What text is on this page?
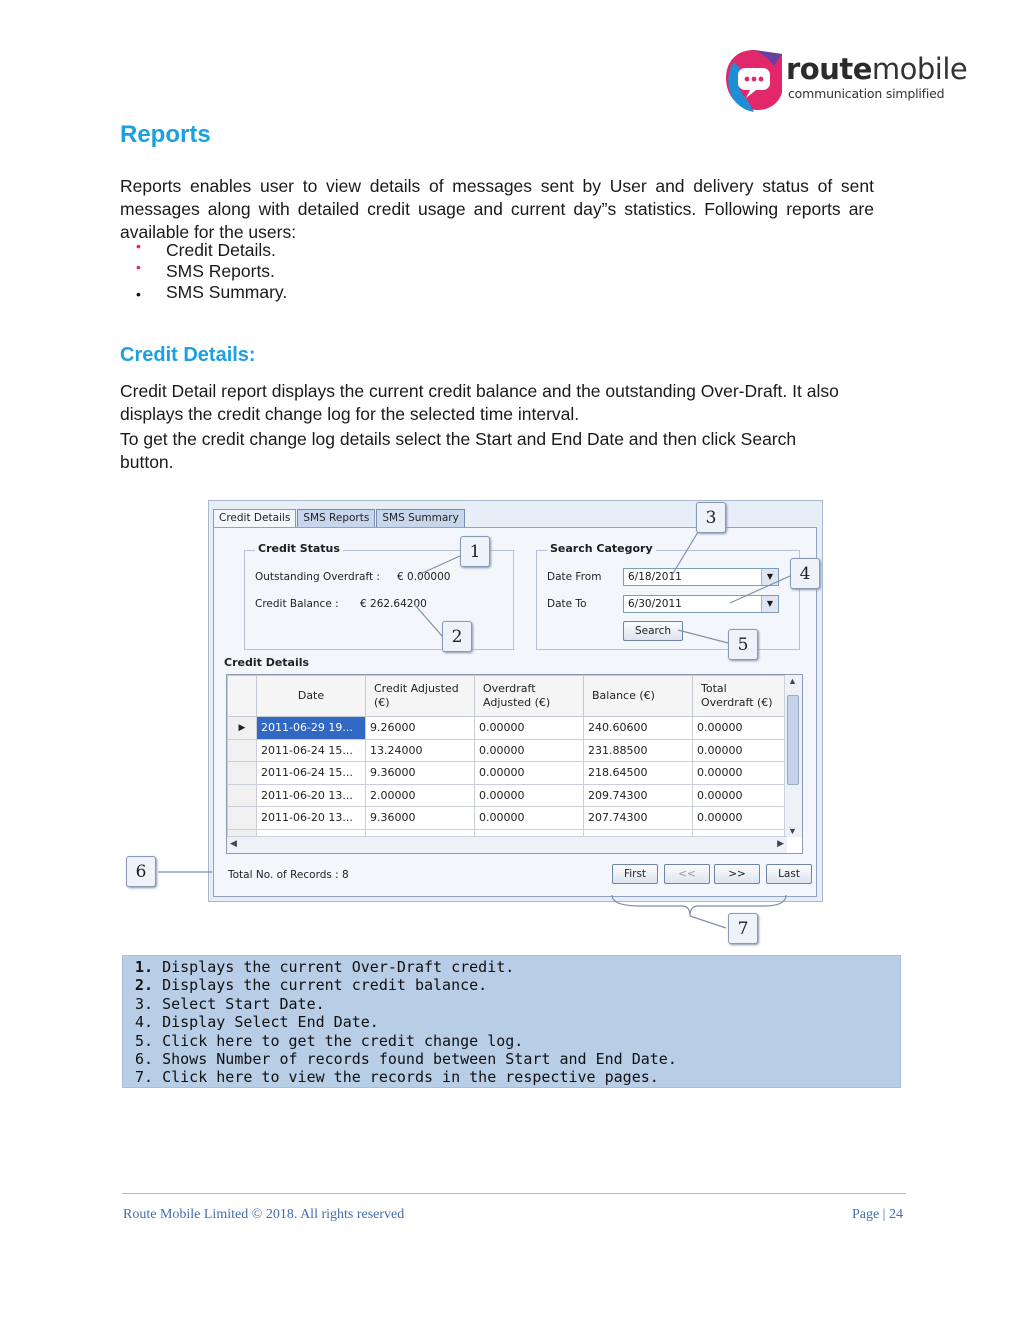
routemobile
communication simplified
Reports
Reports enables user to view details of messages sent by User and delivery status of sent messages along with detailed credit usage and current day”s statistics. Following reports are available for the users:
• Credit Details.
• SMS Reports.
• SMS Summary.
Credit Details:
Credit Detail report displays the current credit balance and the outstanding Over-Draft. It also displays the credit change log for the selected time interval.
To get the credit change log details select the Start and End Date and then click Search button.
Credit Details	SMS Reports	SMS Summary
Credit Status
Outstanding Overdraft : € 0.00000
Credit Balance : € 262.64200
Search Category
Date From	6/18/2011	▼
Date To	6/30/2011	▼
Search
Credit Details
	Date	Credit Adjusted (€)	Overdraft Adjusted (€)	Balance (€)	Total Overdraft (€)
▶	2011-06-29 19...	9.26000	0.00000	240.60600	0.00000
	2011-06-24 15...	13.24000	0.00000	231.88500	0.00000
	2011-06-24 15...	9.36000	0.00000	218.64500	0.00000
	2011-06-20 13...	2.00000	0.00000	209.74300	0.00000
	2011-06-20 13...	9.36000	0.00000	207.74300	0.00000

▲
▼
◀	▶
Total No. of Records : 8	First	<<	>>	Last
1
2
3
4
5
6
7
1. Displays the current Over-Draft credit.
2. Displays the current credit balance.
3. Select Start Date.
4. Display Select End Date.
5. Click here to get the credit change log.
6. Shows Number of records found between Start and End Date.
7. Click here to view the records in the respective pages.
Route Mobile Limited © 2018. All rights reserved	Page | 24
